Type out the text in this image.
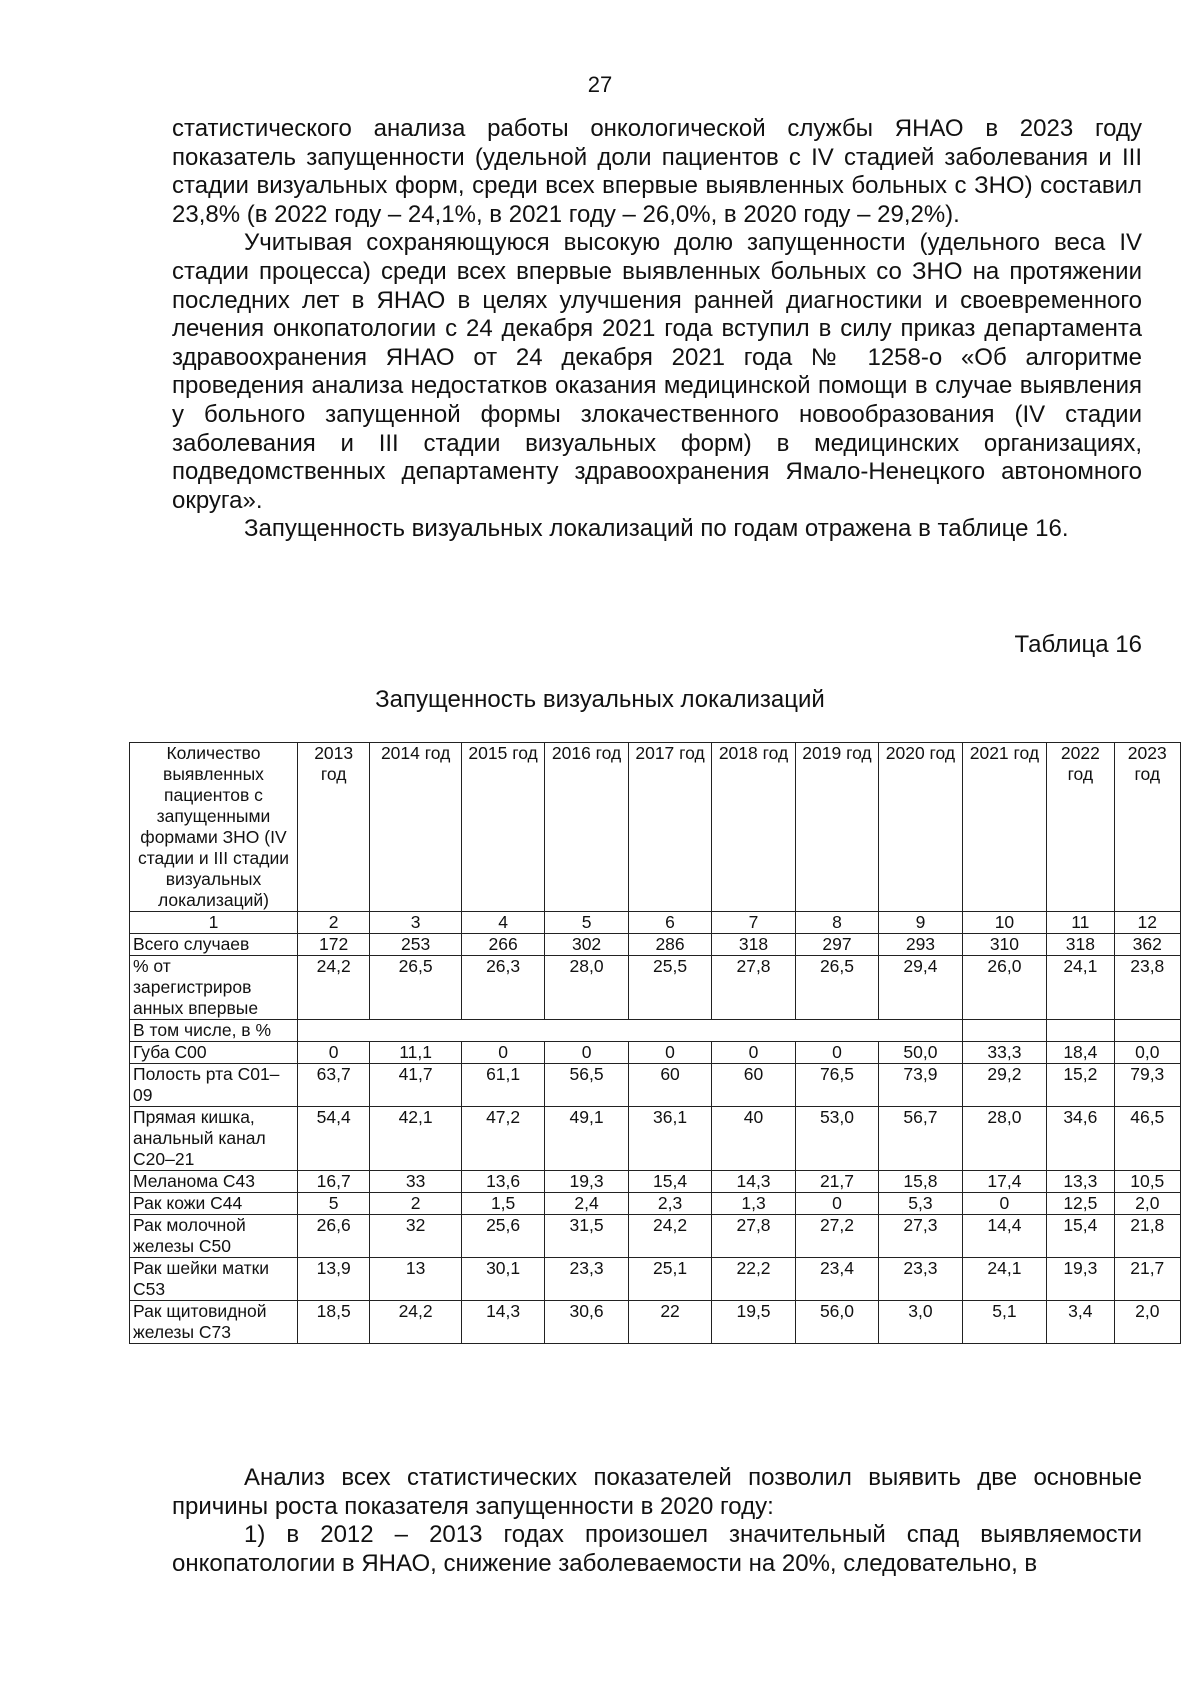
27

статистического анализа работы онкологической службы ЯНАО в 2023 году показатель запущенности (удельной доли пациентов с IV стадией заболевания и III стадии визуальных форм, среди всех впервые выявленных больных с ЗНО) составил 23,8% (в 2022 году – 24,1%, в 2021 году – 26,0%, в 2020 году – 29,2%).

Учитывая сохраняющуюся высокую долю запущенности (удельного веса IV стадии процесса) среди всех впервые выявленных больных со ЗНО на протяжении последних лет в ЯНАО в целях улучшения ранней диагностики и своевременного лечения онкопатологии с 24 декабря 2021 года вступил в силу приказ департамента здравоохранения ЯНАО от 24 декабря 2021 года № 1258-о «Об алгоритме проведения анализа недостатков оказания медицинской помощи в случае выявления у больного запущенной формы злокачественного новообразования (IV стадии заболевания и III стадии визуальных форм) в медицинских организациях, подведомственных департаменту здравоохранения Ямало-Ненецкого автономного округа».

Запущенность визуальных локализаций по годам отражена в таблице 16.

Таблица 16
Запущенность визуальных локализаций
Количество выявленных пациентов с запущенными формами ЗНО (IV стадии и III стадии визуальных локализаций)	2013 год	2014 год	2015 год	2016 год	2017 год	2018 год	2019 год	2020 год	2021 год	2022 год	2023 год
1	2	3	4	5	6	7	8	9	10	11	12
Всего случаев	172	253	266	302	286	318	297	293	310	318	362
% от зарегистриров анных впервые	24,2	26,5	26,3	28,0	25,5	27,8	26,5	29,4	26,0	24,1	23,8
В том числе, в %											
Губа С00	0	11,1	0	0	0	0	0	50,0	33,3	18,4	0,0
Полость рта С01–09	63,7	41,7	61,1	56,5	60	60	76,5	73,9	29,2	15,2	79,3
Прямая кишка, анальный канал С20–21	54,4	42,1	47,2	49,1	36,1	40	53,0	56,7	28,0	34,6	46,5
Меланома С43	16,7	33	13,6	19,3	15,4	14,3	21,7	15,8	17,4	13,3	10,5
Рак кожи С44	5	2	1,5	2,4	2,3	1,3	0	5,3	0	12,5	2,0
Рак молочной железы С50	26,6	32	25,6	31,5	24,2	27,8	27,2	27,3	14,4	15,4	21,8
Рак шейки матки С53	13,9	13	30,1	23,3	25,1	22,2	23,4	23,3	24,1	19,3	21,7
Рак щитовидной железы С73	18,5	24,2	14,3	30,6	22	19,5	56,0	3,0	5,1	3,4	2,0

Анализ всех статистических показателей позволил выявить две основные причины роста показателя запущенности в 2020 году:

1) в 2012 – 2013 годах произошел значительный спад выявляемости онкопатологии в ЯНАО, снижение заболеваемости на 20%, следовательно, в
